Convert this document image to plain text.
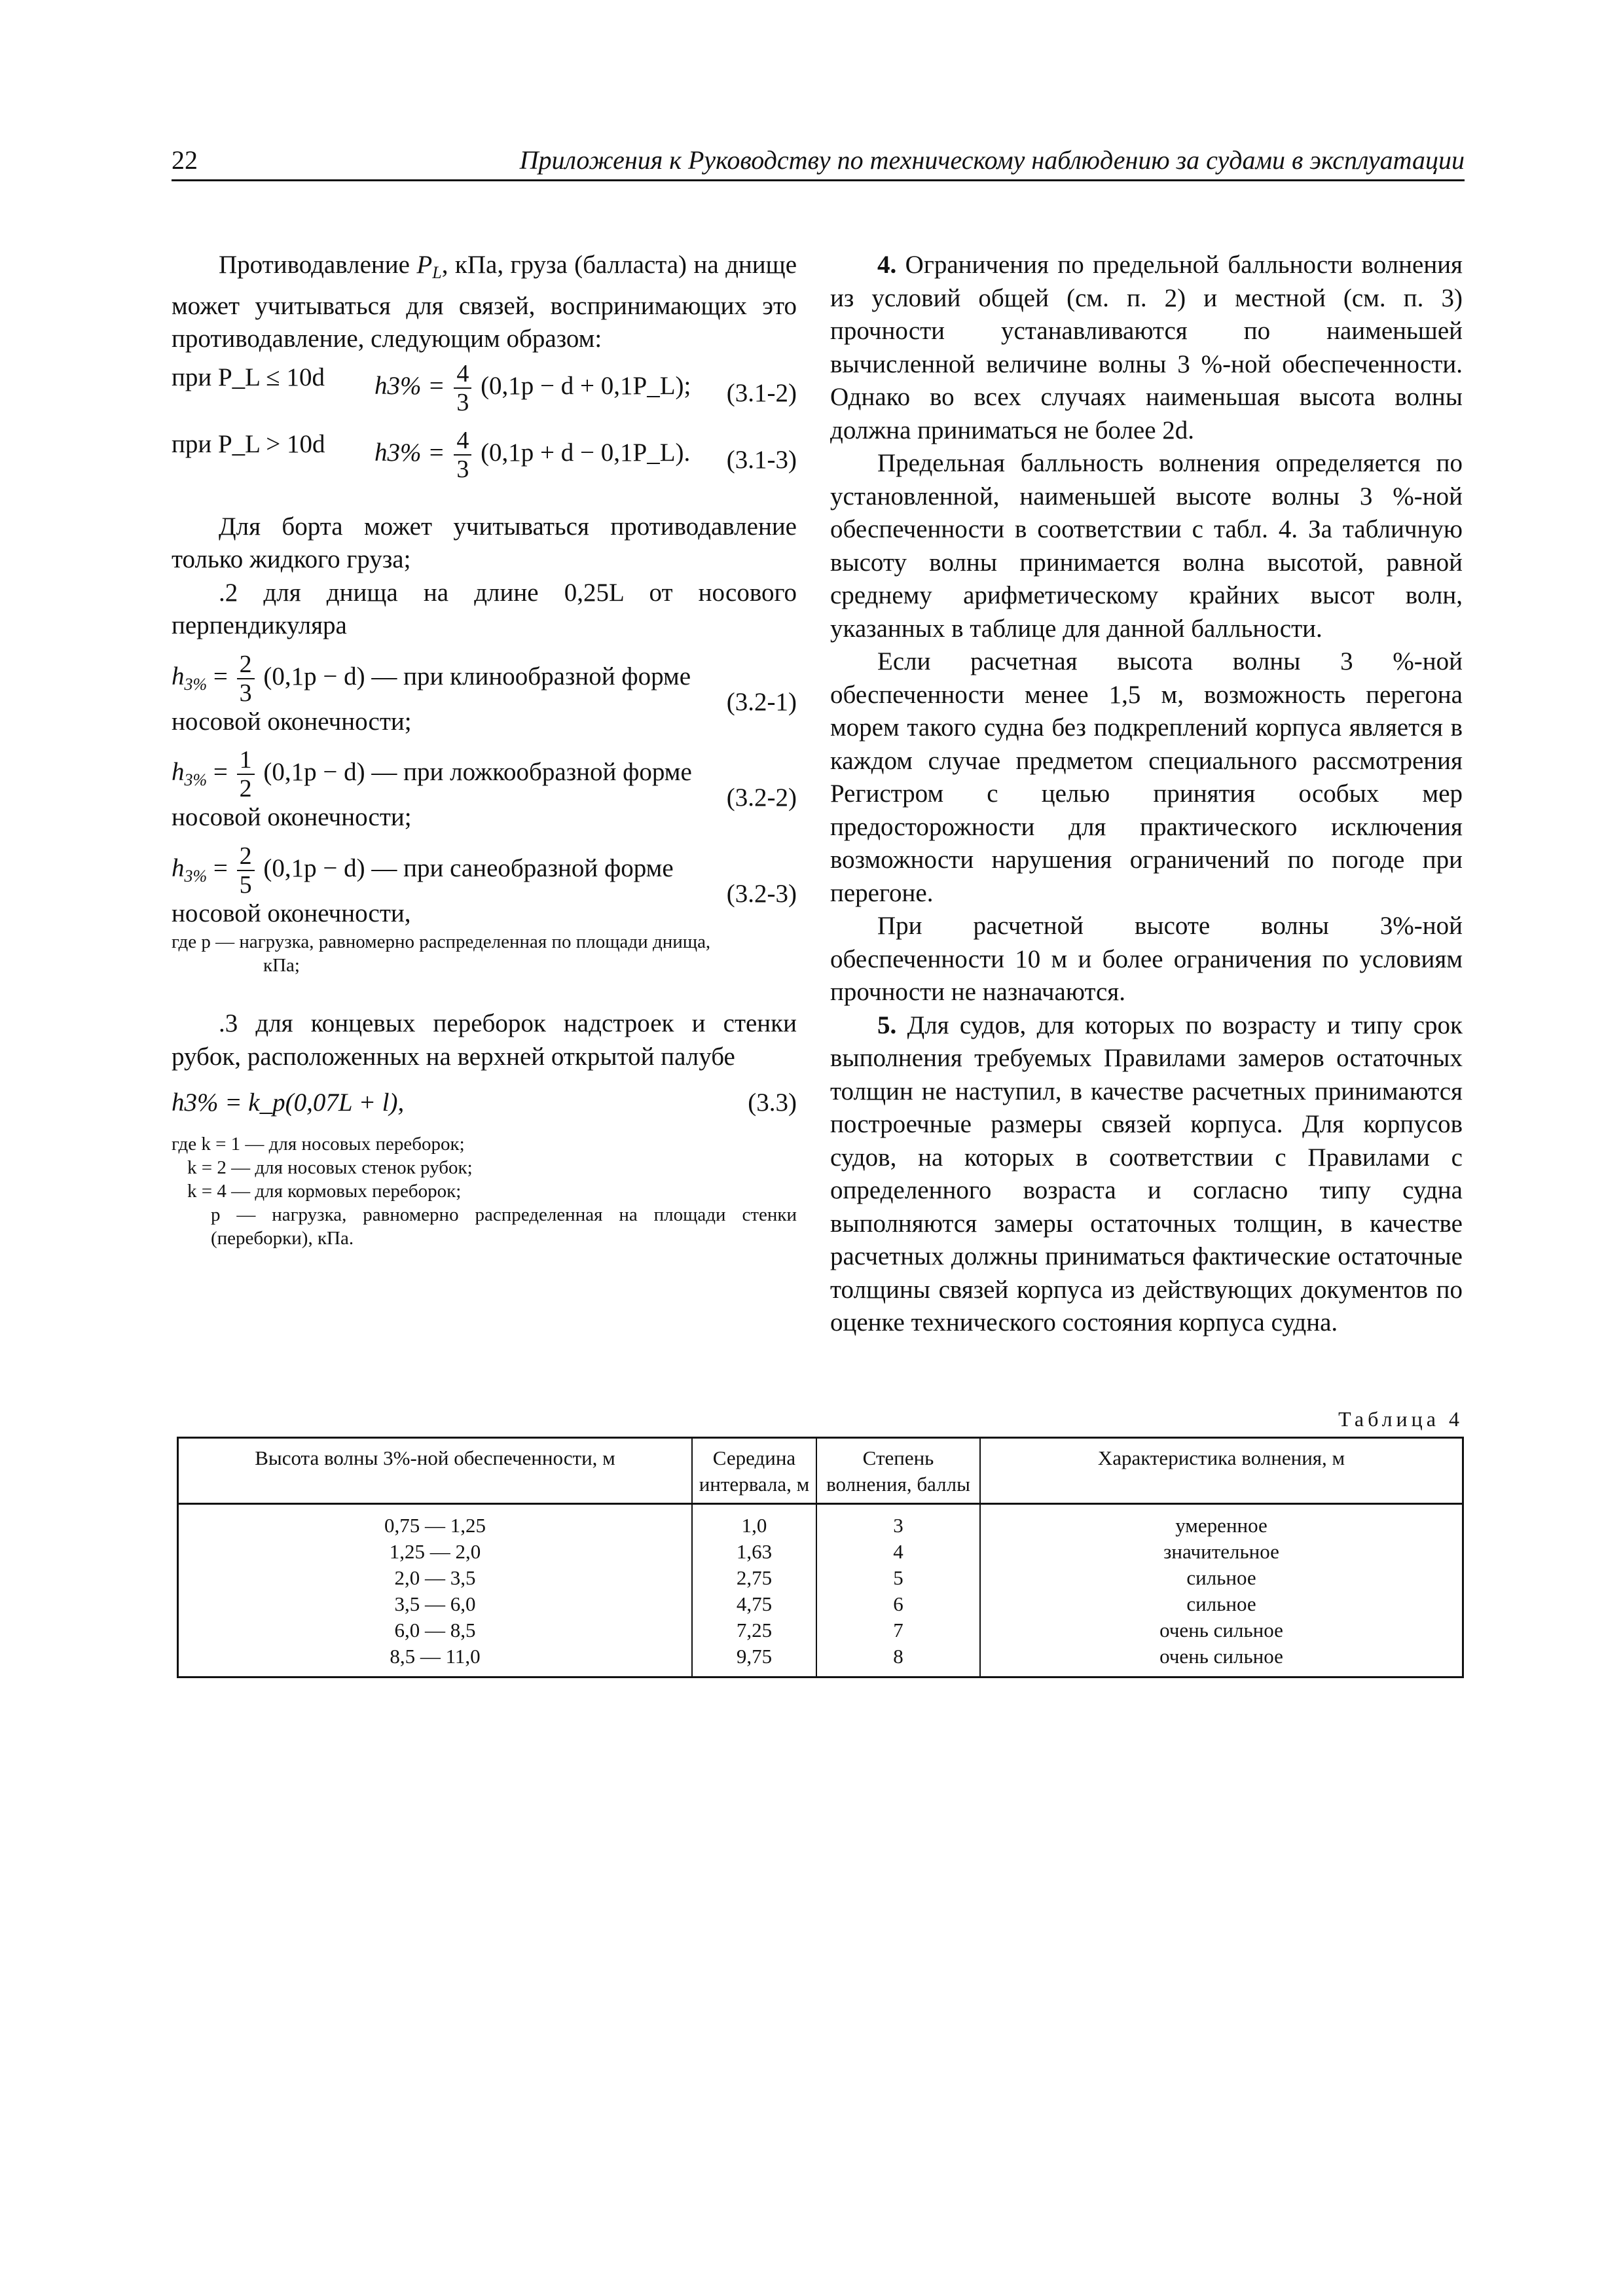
22	Приложения к Руководству по техническому наблюдению за судами в эксплуатации

Противодавление $P_L$, кПа, груза (балласта) на днище может учитываться для связей, воспринимающих это противодавление, следующим образом:

при P_L ≤ 10d $h3\% = \frac{4}{3} (0,1p - d$ + 0,1P_L); (3.1-2)
при P_L > 10d $h3\% = \frac{4}{3} (0,1p + d$ − 0,1P_L). (3.1-3)

Для борта может учитываться противодавление только жидкого груза;

.2 для днища на длине 0,25L от носового перпендикуляра

$h_{3\%} = \frac{2}{3} (0,1p - d)$ — при клинообразной форме
носовой оконечности;
(3.2-1)
$h_{3\%} = \frac{1}{2} (0,1p - d)$ — при ложкообразной форме
носовой оконечности;
(3.2-2)
$h_{3\%} = \frac{2}{5} (0,1p - d)$ — при санеобразной форме
носовой оконечности,
(3.2-3)
где p — нагрузка, равномерно распределенная по площади днища,
кПа;

.3 для концевых переборок надстроек и стенки рубок, расположенных на верхней открытой палубе

h3% = k_p(0,07L + l),	(3.3)
где k = 1 — для носовых переборок;
k = 2 — для носовых стенок рубок;
k = 4 — для кормовых переборок;
p — нагрузка, равномерно распределенная на площади стенки (переборки), кПа.

4. Ограничения по предельной балльности волнения из условий общей (см. п. 2) и местной (см. п. 3) прочности устанавливаются по наименьшей вычисленной величине волны 3 %-ной обеспеченности. Однако во всех случаях наименьшая высота волны должна приниматься не более 2d.

Предельная балльность волнения определяется по установленной, наименьшей высоте волны 3 %-ной обеспеченности в соответствии с табл. 4. За табличную высоту волны принимается волна высотой, равной среднему арифметическому крайних высот волн, указанных в таблице для данной балльности.

Если расчетная высота волны 3 %-ной обеспеченности менее 1,5 м, возможность перегона морем такого судна без подкреплений корпуса является в каждом случае предметом специального рассмотрения Регистром с целью принятия особых мер предосторожности для практического исключения возможности нарушения ограничений по погоде при перегоне.

При расчетной высоте волны 3%-ной обеспеченности 10 м и более ограничения по условиям прочности не назначаются.

5. Для судов, для которых по возрасту и типу срок выполнения требуемых Правилами замеров остаточных толщин не наступил, в качестве расчетных принимаются построечные размеры связей корпуса. Для корпусов судов, на которых в соответствии с Правилами с определенного возраста и согласно типу судна выполняются замеры остаточных толщин, в качестве расчетных должны приниматься фактические остаточные толщины связей корпуса из действующих документов по оценке технического состояния корпуса судна.

Таблица 4
Высота волны 3%-ной обеспеченности, м	Середина интервала, м	Степень волнения, баллы	Характеристика волнения, м
0,75 — 1,25	1,0	3	умеренное
1,25 — 2,0	1,63	4	значительное
2,0 — 3,5	2,75	5	сильное
3,5 — 6,0	4,75	6	сильное
6,0 — 8,5	7,25	7	очень сильное
8,5 — 11,0	9,75	8	очень сильное
